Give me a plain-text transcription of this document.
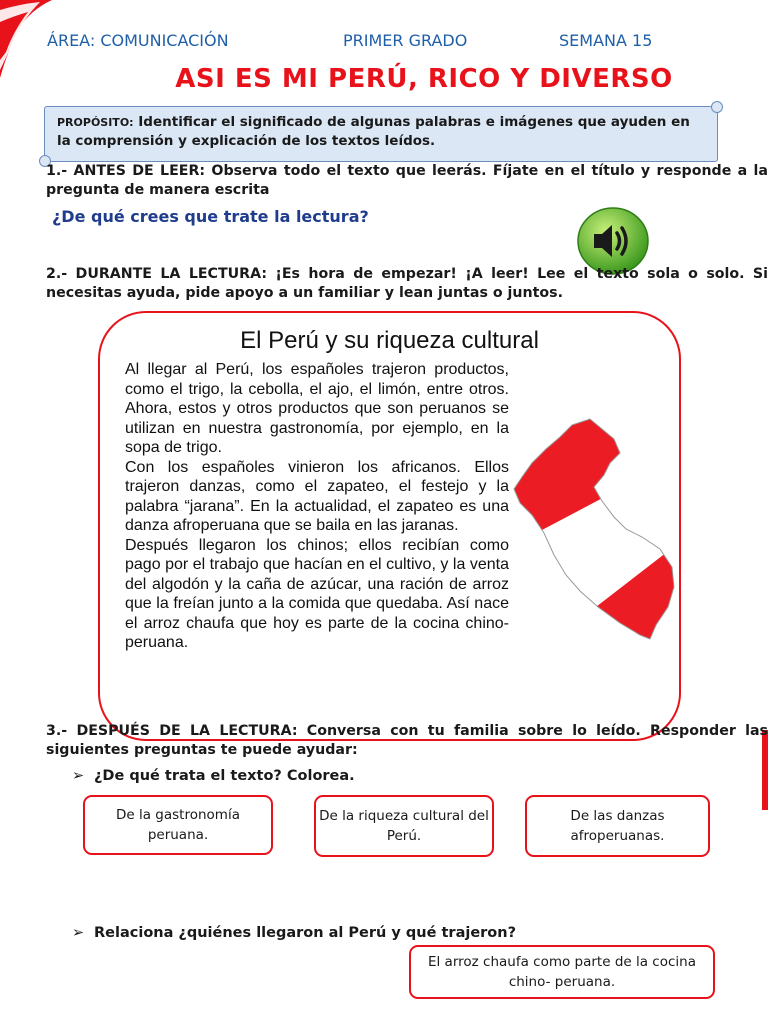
ÁREA: COMUNICACIÓN	PRIMER GRADO	SEMANA 15
ASI ES MI PERÚ, RICO Y DIVERSO
PROPÓSITO: Identificar el significado de algunas palabras e imágenes que ayuden en la comprensión y explicación de los textos leídos.
1.- ANTES DE LEER: Observa todo el texto que leerás. Fíjate en el título y responde a la pregunta de manera escrita
¿De qué crees que trate la lectura?
2.- DURANTE LA LECTURA: ¡Es hora de empezar! ¡A leer! Lee el texto sola o solo. Si necesitas ayuda, pide apoyo a un familiar y lean juntas o juntos.
El Perú y su riqueza cultural

Al llegar al Perú, los españoles trajeron productos, como el trigo, la cebolla, el ajo, el limón, entre otros. Ahora, estos y otros productos que son peruanos se utilizan en nuestra gastronomía, por ejemplo, en la sopa de trigo.

Con los españoles vinieron los africanos. Ellos trajeron danzas, como el zapateo, el festejo y la palabra “jarana”. En la actualidad, el zapateo es una danza afroperuana que se baila en las jaranas.

Después llegaron los chinos; ellos recibían como pago por el trabajo que hacían en el cultivo, y la venta del algodón y la caña de azúcar, una ración de arroz que la freían junto a la comida que quedaba. Así nace el arroz chaufa que hoy es parte de la cocina chino-peruana.

3.- DESPUÉS DE LA LECTURA: Conversa con tu familia sobre lo leído. Responder las siguientes preguntas te puede ayudar:
➢ ¿De qué trata el texto? Colorea.
De la gastronomía peruana.
De la riqueza cultural del Perú.
De las danzas afroperuanas.
➢ Relaciona ¿quiénes llegaron al Perú y qué trajeron?
El arroz chaufa como parte de la cocina chino- peruana.
